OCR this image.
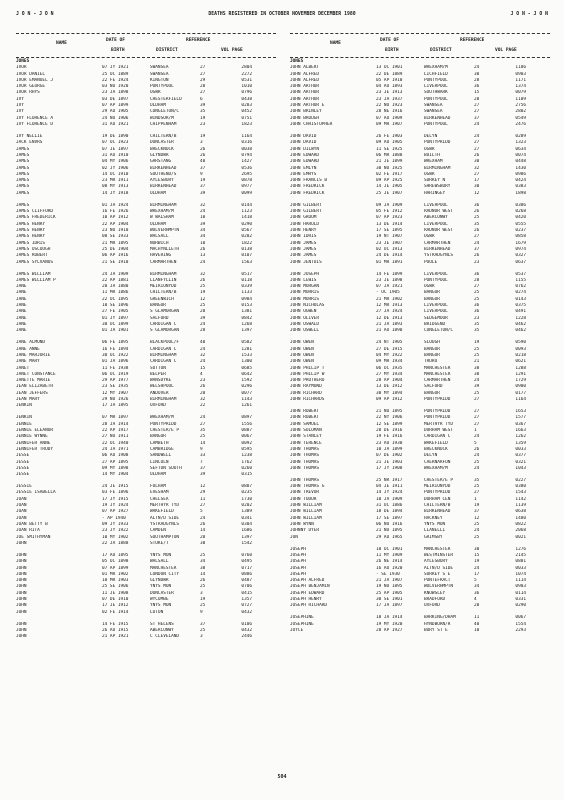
J O N - J O N	DEATHS REGISTERED IN OCTOBER NOVEMBER DECEMBER 1980	J O N - J O N
NAME
DATE OF
BIRTH
REFERENCE
DISTRICT	VOL PAGE
JONES
IVOR	07 JY 1921	SWANSEA	27	2804
IVOR DANIEL	25 OC 1889	SWANSEA	27	2272
IVOR EMANUEL J	22 FE 1924	KINGTON	29	0531
IVOR GEORGE	03 NO 1920	PONTYPOOL	28	1010
IVOR RHYS	23 JA 1898	OGWR	27	0796
IVY	03 DE 1897	CHESTERFIELD	6	0438
IVY	07 AP 1899	OLDHAM	39	0283
IVY	29 AU 1905	CONGLETON/C	35	0452
IVY FLORENCE A	24 NO 1906	WINDSOR/M	19	0751
IVY FLORENCE D	31 AU 1921	CHIPPENHAM	23	1823
IVY NELLIE	19 DE 1890	CHILTERN/B	19	1164
JACK ENVRS	07 OC 1923	DONCASTER	3	0316
JAMES	07 JE 1897	BRECKNOCK	26	0038
JAMES	31 AU 1910	GLYNDWR	26	0794
JAMES	04 MY 1906	GARSTANG	40	1427
JAMES	02 JY 1906	BIRKENHEAD	37	0536
JAMES	14 OC 1910	SOUTHEND/S	9	2695
JAMES	23 MR 1911	AYLESBURY	19	0878
JAMES	08 MY 1913	BIRKENHEAD	37	0977
JAMES	14 JY 1918	OLDHAM	39	0099
JAMES	01 JA 1924	BIRMINGHAM	32	0144
JAMES CLIFFORD	16 FE 1926	WREXHAM/M	24	1123
JAMES FREDERICK	10 AP 1912	W WALSHAM	10	1418
JAMES HENRY	22 AP 1904	OLDHAM	39	0290
JAMES HENRY	23 NO 1910	WOLVERHMPTN	34	0567
JAMES HENRY	08 SE 1933	WALSALL	34	0202
JAMES IDRIS	21 MR 1895	NORWICH	10	1822
JAMES OSCOUGH	25 DE 1904	MACHYNLLETH	26	0138
JAMES ROBERT	06 AP 1916	HAVERING	13	0107
JAMES SYLVANUS	21 SE 1910	CARMARTHEN	24	1563
JAMES WILLIAM	24 JA 1909	BIRMINGHAM	32	0517
JAMES WILLIAM P	22 AP 1881	LLANFYLLIN	26	0118
JANE	20 JA 1880	MEIRIONYDD	25	0339
JANE	11 MR 1886	CHILTERN/B	19	1133
JANE	22 OC 1895	GREENWICH	12	0984
JANE	10 SE 1896	BANGOR	25	0153
JANE	27 FE 1905	S GLAMORGAN	28	1381
JANE	01 JY 1897	SALFORD	39	0842
JANE	30 OC 1899	CARDIGAN C	24	1268
JANE	01 JA 1901	S GLAMORGAN	28	1397
JANE ALMOND	06 FE 1895	BLACKPOOL/F	40	0582
JANE ANNE	16 FE 1894	CARDIGAN C	24	1281
JANE MARJORIE	30 OC 1922	BIRMINGHAM	32	1533
JANE MARY	01 JA 1896	CARDIGAN C	24	1300
JANET	11 FE 1938	SUTTON	15	0685
JANET CONSTANCE	06 OC 1919	BELPER	4	0642
JANETTE MARIE	29 AP 1977	WANSDYKE	23	1592
JEAN ELIZABETH	23 SE 1935	WELSHPOOL	26	0296
JEAN JEFFERS	12 MY 1907	ANDOVER	20	0077
JEAN MARY	29 NO 1926	BIRMINGHAM	32	1143
JENKIN	17 JA 1895	OXFORD	22	1261
JENKIN	07 MR 1897	WREXHAM/M	24	0897
JENNIE	28 JA 1914	PONTYPRIDD	27	1556
JENNIE ELEANOR	22 AP 1917	CHESTER/E P	35	0887
JENNIE WYNNE	27 NO 1911	BANGOR	25	0067
JENNIFER ANNE	22 OC 1940	LAMBETH	14	0092
JENNIFER TRUDY	24 JA 1971	CAMBRIDGE	9	0595
JESSE	06 AU 1908	SANDWELL	33	1238
JESSE	27 AP 1895	LINCOLN	7	1762
JESSE	09 MY 1898	SEFTON SOUTH	37	0260
JESSE	14 MY 1904	OLDHAM	39	0315
JESSIE	24 JE 1915	FULHAM	12	0887
JESSIE ISABELLA	03 FE 1896	EVESHAM	29	0235
JOAN	17 JY 1915	CHELSEA	11	1730
JOAN	19 JY 1924	MERTHYR TYD	27	0202
JOAN	07 AP 1927	WAKEFIELD	5	1389
JOAN	- AP 1940	ALTN/D SIDE	24	0341
JOAN BETTY B	09 JY 1933	YSTRADGYNLS	26	0304
JOAN RITA	23 JY 1922	CAMDEN	14	1686
JOE SMITHYMAN	10 MY 1902	SOUTHAMPTON	20	1397
JOHN	22 JA 1888	STOKE/T	30	1542
JOHN	17 AU 1895	YNYS MON	25	0760
JOHN	05 OC 1898	WALSALL	34	0495
JOHN	07 AP 1899	MANCHESTER	38	0717
JOHN	01 MR 1902	LONDON CITY	14	0886
JOHN	10 MR 1903	GLYNDWR	26	0487
JOHN	25 SE 1906	YNYS MON	25	0706
JOHN	11 JE 1908	DONCASTER	3	0415
JOHN	07 DE 1910	WYCOMBE	19	1357
JOHN	17 JE 1912	YNYS MON	25	0727
JOHN	02 FE 1914	LUTON	9	0432
JOHN	14 FE 1915	ST HELENS	37	0106
JOHN	26 AU 1915	ABERCONWY	25	0432
JOHN	21 AP 1921	C CLEVELAND	3	2446
NAME
DATE OF
BIRTH
REFERENCE
DISTRICT	VOL PAGE
JONES
JOHN ALBERT	13 OC 1901	WREXHAM/M	24	1186
JOHN ALFRED	22 DE 1889	LICHFIELD	30	0903
JOHN ALFRED	05 AP 1910	PONTYPOOL	28	1171
JOHN ARTHUR	04 AU 1893	LIVERPOOL	36	1374
JOHN ARTHUR	23 JE 1913	SOUTHWARK	15	0079
JOHN ARTHUR	23 JA 1937	PONTYPOOL	28	1109
JOHN ARTHUR E	22 NO 1923	SWANSEA	27	2756
JOHN BRINLEY	28 NE 1916	SWANSEA	27	2802
JOHN BROUGH	07 AU 1909	BIRKENHEAD	37	0549
JOHN CHRISTOPHER	09 MR 1907	PONTYPOOL	24	2476
JOHN DAVID	26 FE 1903	DELYN	24	0289
JOHN DAVID	09 AU 1905	PONTYPRIDD	27	1323
JOHN DILWYN	11 SE 1925	OGWR	27	0634
JOHN EDWARD	06 MR 1888	BUILTH	26	0074
JOHN EDWARD	21 JE 1899	WREXHAM	30	0448
JOHN EMLYN	30 NO 1925	BIRMINGHAM	32	1430
JOHN EMRYS	02 FE 1917	OGWR	27	0986
JOHN FRANCIS B	09 AP 1925	SURREY N	17	0424
JOHN FREDRICK	14 JE 1905	SHREWSBURY	30	0383
JOHN FREDRICK	25 JE 1907	HARINGEY	12	1898
JOHN GILBERT	09 JA 1909	LIVERPOOL	36	0386
JOHN GILBERT	05 FE 1912	RADNOR WEST	26	0268
JOHN GROOM	07 AP 1923	ABERCONWY	25	0420
JOHN HAROLD	13 DE 1914	LIVERPOOL	35	0555
JOHN HENRY	17 SE 1895	RADNOR WEST	26	0237
JOHN IDRIS	19 NT 1907	OGWR	27	0858
JOHN JAMES	23 JE 1907	CARMARTHEN	24	1679
JOHN JAMES	02 OC 1913	BIRKENHEAD	37	0974
JOHN JAMES	24 DE 1914	YSTRADGYNLS	26	0327
JOHN JENTUIS	01 MR 1891	POOLE	23	0637
JOHN JOSEPH	14 FE 1899	LIVERPOOL	36	0537
JOHN LEWIS	23 JE 1898	PONTYPOOL	28	1155
JOHN MORGAN	07 JA 1921	OGWR	27	0762
JOHN MORRIS	- OC 1905	BANGOR	25	0274
JOHN MORRIS	21 MR 1902	BANGOR	25	0143
JOHN NICHOLAS	12 MR 1913	LIVERPOOL	36	0375
JOHN OGWEN	27 JA 1924	LIVERPOOL	36	0491
JOHN OLIVER	12 DE 1913	SEDGEMOOR	23	1228
JOHN OSWALD	21 JA 1893	BRIDGEND	35	0462
JOHN OSWELL	21 AU 1890	CONGLETON/C	35	0462
JOHN OWEN	24 NT 1905	SLOUGH	19	0590
JOHN OWEN	27 DE 1915	BANGOR	25	0093
JOHN OWEN	04 MY 1922	BANGOR	25	0218
JOHN OWEN	09 MR 1934	TRURO	21	0621
JOHN PHILIP T	06 OC 1935	MANCHESTER	38	1288
JOHN PHILIP W	27 MY 1934	MANCHESTER	38	1291
JOHN PROTHERO	28 AP 1904	CARMARTHEN	24	1729
JOHN RAYMOND	13 DE 1912	SALFORD	39	0900
JOHN RICHARD	30 MY 1894	BANGOR	25	0177
JOHN RICHARDS	09 AP 1912	PONTYPRIDD	27	1164
JOHN ROBERT	21 NO 1895	PONTYPRIDD	27	1653
JOHN ROBERT	22 NY 1906	PONTYPRIDD	27	1577
JOHN SAMUEL	12 SE 1899	MERTHYR TYD	27	0367
JOHN SOLOMAN	28 DE 1916	DURHAM WEST	1	1663
JOHN STANLEY	19 FE 1916	CARDIGAN C	24	1262
JOHN TERENCE	23 AU 1930	WAKEFIELD	5	1359
JOHN THOMAS	10 JA 1899	BRECKNOCK	26	0033
JOHN THOMAS	07 DE 1902	DELYN	24	0377
JOHN THOMAS	21 JE 1903	CAERNARFON	25	0321
JOHN THOMAS	17 JY 1908	WREXHAM/M	24	1043
JOHN THOMAS	25 NR 1917	CHESTER/E P	35	0227
JOHN THOMAS G	04 JE 1911	MEIRIONYDD	25	0380
JOHN TREVOR	14 JY 1924	PONTYPRIDD	27	1543
JOHN TUDOR	10 JA 1909	DURHAM CEN	1	1142
JOHN WILLIAM	31 OC 1886	CHILTERN/B	19	1139
JOHN WILLIAM	18 DE 1894	BIRKENHEAD	37	0638
JOHN WILLIAM	17 SE 1897	HACKNEY	12	1480
JOHN WYNN	06 NO 1916	YNYS MON	25	0822
JOHNNY DYER	21 NO 1895	LLANELLI	24	2068
JON	29 AU 1965	GRIMSBY	25	0021
JOSEPH	10 OC 1901	MANCHESTER	38	1276
JOSEPH	11 MY 1909	WESTMINSTER	15	2145
JOSEPH	26 NE 1914	AYLESBURY	19	0881
JOSEPH	16 AU 1920	ALTN/D SIDE	24	0033
JOSEPH	- SE 1930	SURREY S E	17	1074
JOSEPH ALFRED	21 JA 1907	PONTEFRACT	5	1114
JOSEPH BENJAMIN	19 NO 1895	WOLVERHMPTN	34	0903
JOSEPH EDWARD	25 AP 1905	KNOWSLEY	36	0114
JOSEPH HENRY	30 SE 1901	BRADFORD	4	0331
JOSEPH RICHARD	17 JA 1897	OXFORD	20	0290
JOSEPHINE	18 JA 1914	BARKING/DHAM	11	0067
JOSEPHINE	19 MY 1920	HYNDBURN/R	40	1554
JOYCE	28 AP 1927	BURY ST E	10	2293
504
